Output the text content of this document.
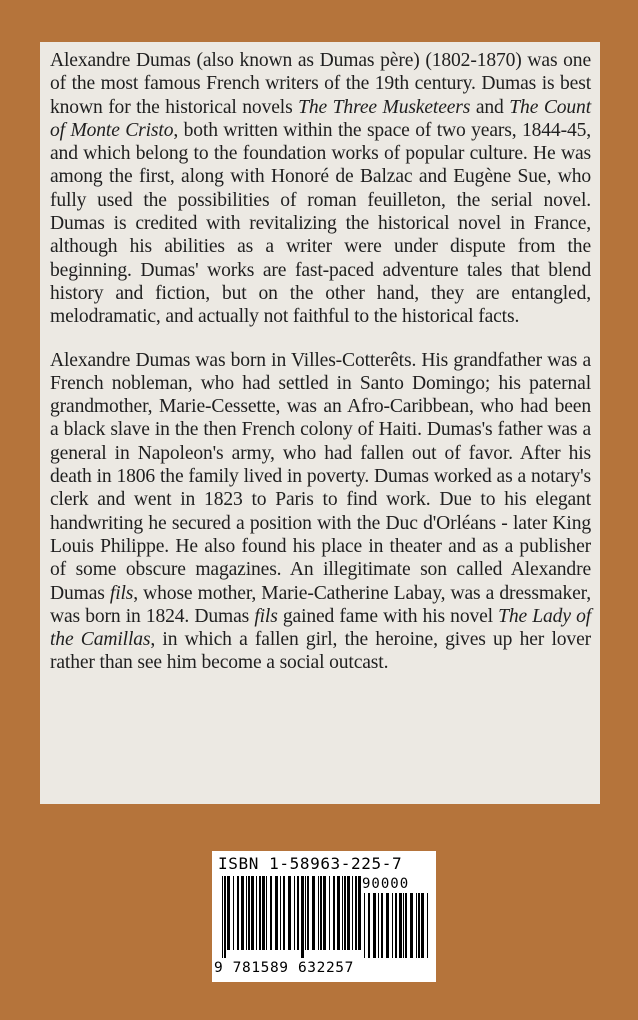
Alexandre Dumas (also known as Dumas père) (1802-1870) was one of the most famous French writers of the 19th century. Dumas is best known for the historical novels The Three Musketeers and The Count of Monte Cristo, both written within the space of two years, 1844-45, and which belong to the foundation works of popular culture. He was among the first, along with Honoré de Balzac and Eugène Sue, who fully used the possibilities of roman feuilleton, the serial novel. Dumas is credited with revitalizing the historical novel in France, although his abilities as a writer were under dispute from the beginning. Dumas' works are fast-paced adventure tales that blend history and fiction, but on the other hand, they are entangled, melodramatic, and actually not faithful to the historical facts.

Alexandre Dumas was born in Villes-Cotterêts. His grandfather was a French nobleman, who had settled in Santo Domingo; his paternal grandmother, Marie-Cessette, was an Afro-Caribbean, who had been a black slave in the then French colony of Haiti. Dumas's father was a general in Napoleon's army, who had fallen out of favor. After his death in 1806 the family lived in poverty. Dumas worked as a notary's clerk and went in 1823 to Paris to find work. Due to his elegant handwriting he secured a position with the Duc d'Orléans - later King Louis Philippe. He also found his place in theater and as a publisher of some obscure magazines. An illegitimate son called Alexandre Dumas fils, whose mother, Marie-Catherine Labay, was a dressmaker, was born in 1824. Dumas fils gained fame with his novel The Lady of the Camillas, in which a fallen girl, the heroine, gives up her lover rather than see him become a social outcast.

ISBN 1-58963-225-7
90000
9 781589 632257
